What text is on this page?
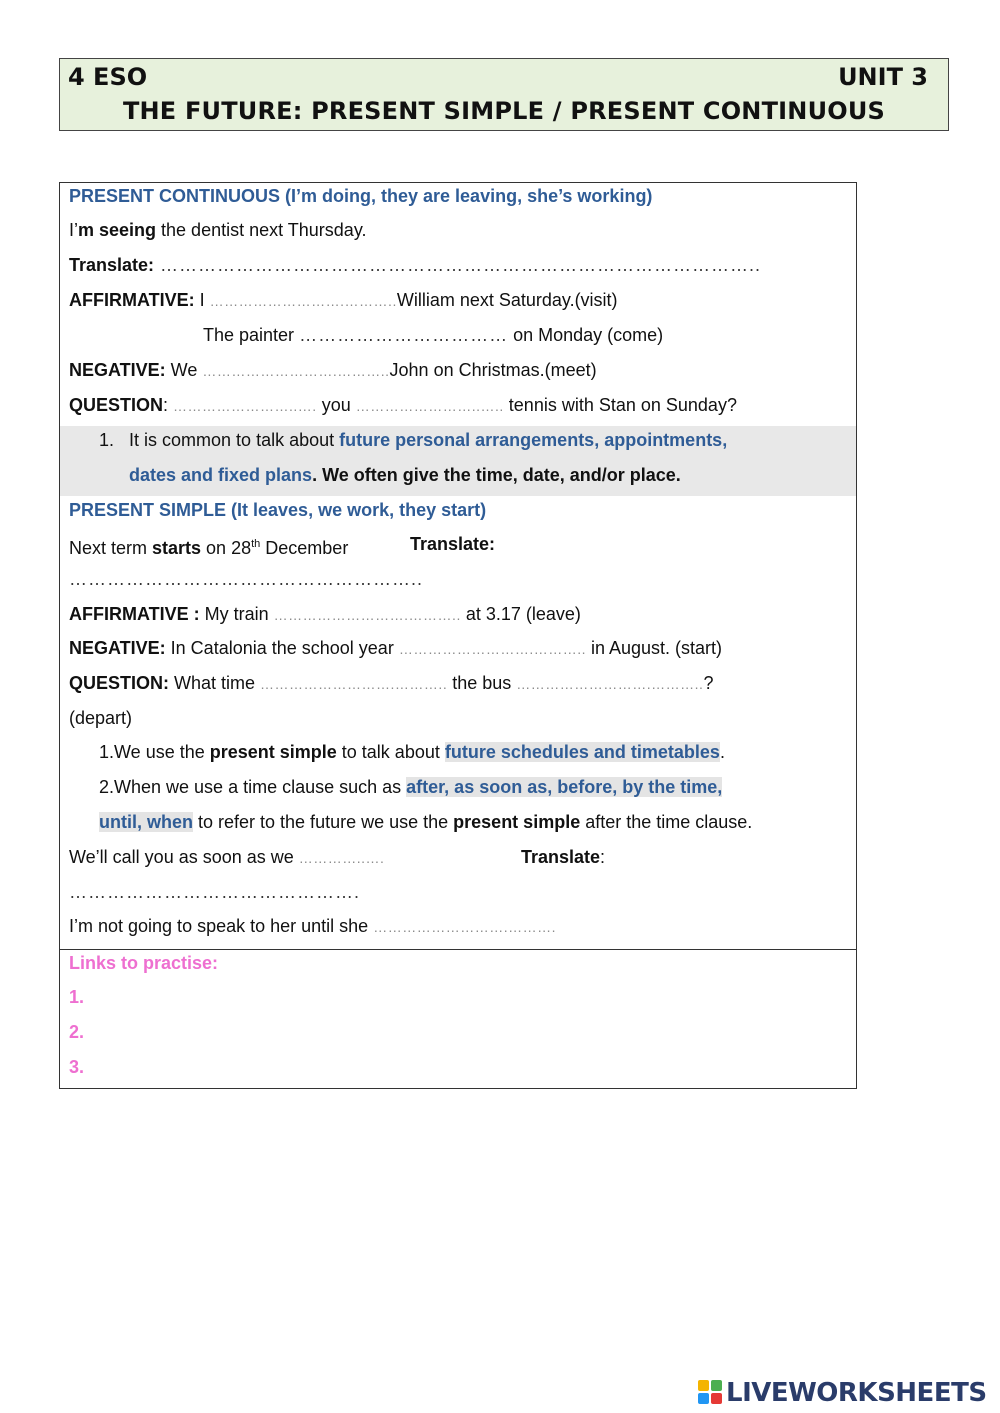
4 ESO	UNIT 3
THE FUTURE: PRESENT SIMPLE / PRESENT CONTINUOUS
PRESENT CONTINUOUS (I’m doing, they are leaving, she’s working)
I’m seeing the dentist next Thursday.
Translate: …………………………………………………………………………………..
AFFIRMATIVE: I ……………………….………..William next Saturday.(visit)
The painter …………………………… on Monday (come)
NEGATIVE: We ……………………….………..John on Christmas.(meet)
QUESTION: ……………………..…. you ……………………..….. tennis with Stan on Sunday?
1. It is common to talk about future personal arrangements, appointments,
dates and fixed plans. We often give the time, date, and/or place.
PRESENT SIMPLE (It leaves, we work, they start)
Next term starts on 28th December	Translate:
………………………………………………..
AFFIRMATIVE : My train ……………………….……….. at 3.17 (leave)
NEGATIVE: In Catalonia the school year ……………………….……….. in August. (start)
QUESTION: What time ……………………….……….. the bus ……………………….………..?
(depart)
1.We use the present simple to talk about future schedules and timetables.
2.When we use a time clause such as after, as soon as, before, by the time,
until, when to refer to the future we use the present simple after the time clause.
We’ll call you as soon as we …………..….	Translate:
……………………………………….
I’m not going to speak to her until she ……………………….……….
Links to practise:
1.
2.
3.
LIVEWORKSHEETS
